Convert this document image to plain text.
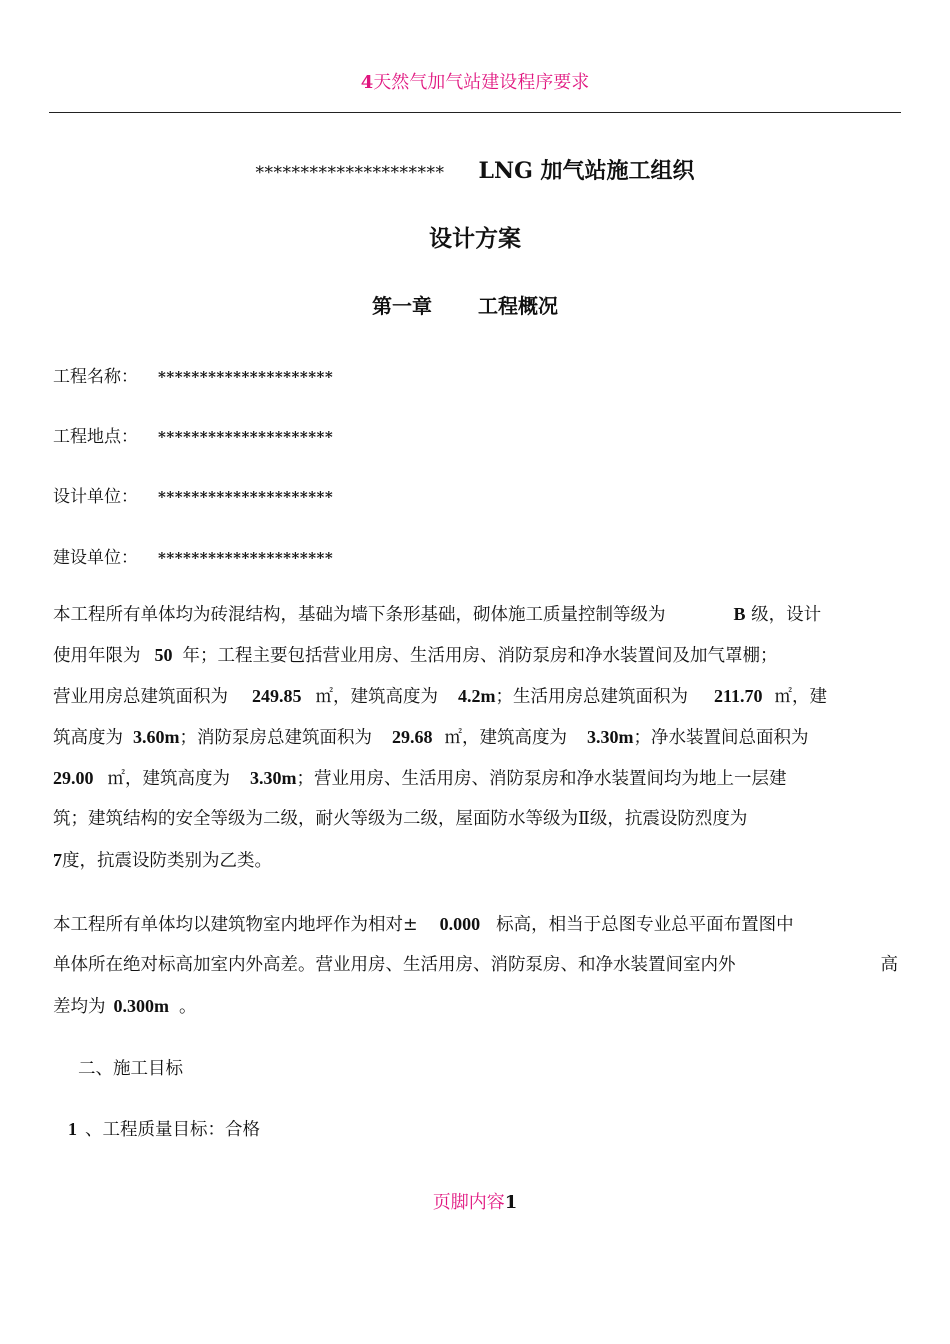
4天然气加气站建设程序要求
********************* LNG 加气站施工组织
设计方案
第一章 工程概况
工程名称： *********************
工程地点： *********************
设计单位： *********************
建设单位： *********************
本工程所有单体均为砖混结构，基础为墙下条形基础，砌体施工质量控制等级为	B 级，设计
使用年限为 50 年；工程主要包括营业用房、生活用房、消防泵房和净水装置间及加气罩棚；
营业用房总建筑面积为 249.85 ㎡，建筑高度为 4.2m；生活用房总建筑面积为 211.70 ㎡，建
筑高度为 3.60m；消防泵房总建筑面积为 29.68 ㎡，建筑高度为 3.30m；净水装置间总面积为
29.00 ㎡，建筑高度为 3.30m；营业用房、生活用房、消防泵房和净水装置间均为地上一层建
筑；建筑结构的安全等级为二级，耐火等级为二级，屋面防水等级为Ⅱ级，抗震设防烈度为
7度，抗震设防类别为乙类。
本工程所有单体均以建筑物室内地坪作为相对± 0.000 标高，相当于总图专业总平面布置图中
单体所在绝对标高加室内外高差。营业用房、生活用房、消防泵房、和净水装置间室内外	高
差均为 0.300m 。
二、施工目标
1 、工程质量目标：合格
页脚内容1
